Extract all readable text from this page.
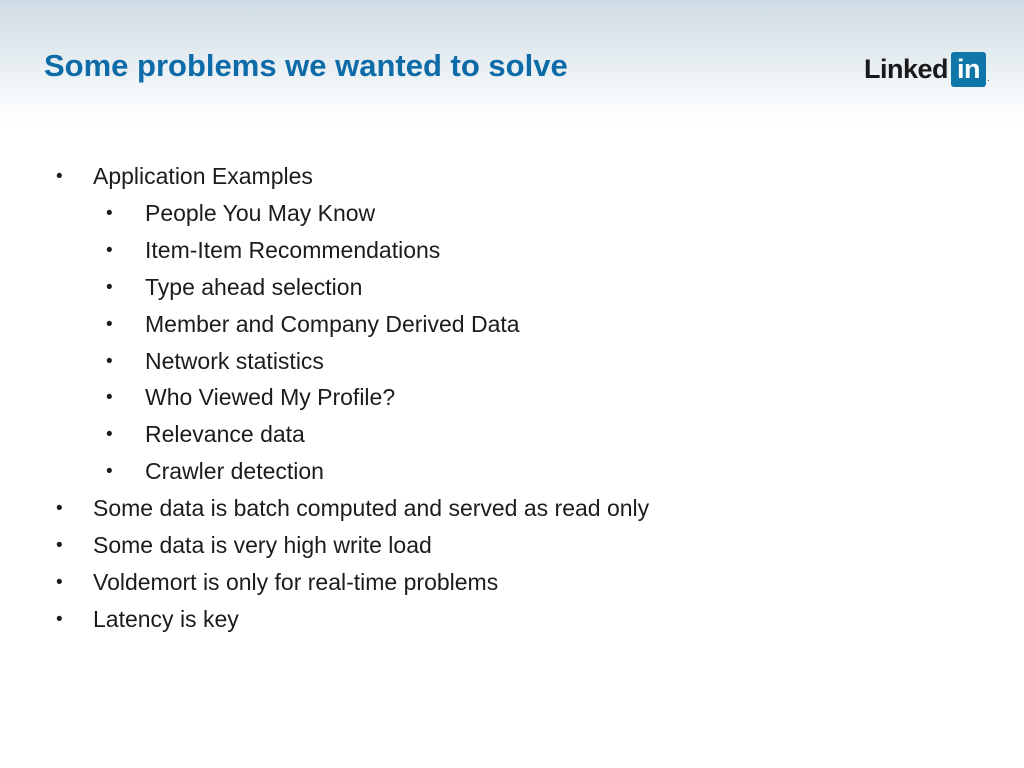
Some problems we wanted to solve	Linked in .
• Application Examples
• People You May Know
• Item-Item Recommendations
• Type ahead selection
• Member and Company Derived Data
• Network statistics
• Who Viewed My Profile?
• Relevance data
• Crawler detection
• Some data is batch computed and served as read only
• Some data is very high write load
• Voldemort is only for real-time problems
• Latency is key
